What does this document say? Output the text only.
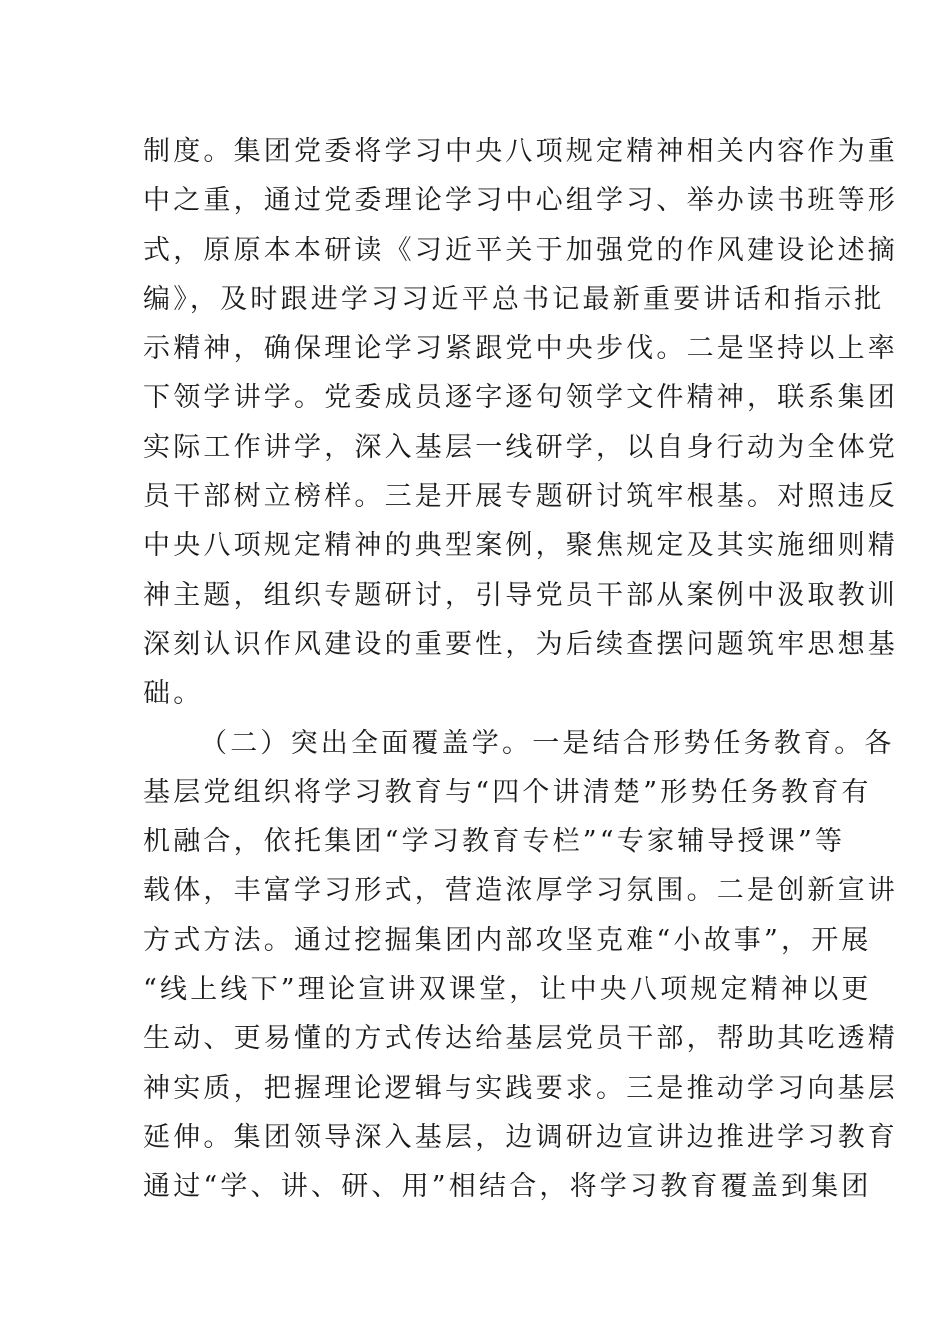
制度。集团党委将学习中央八项规定精神相关内容作为重
中之重，通过党委理论学习中心组学习、举办读书班等形
式，原原本本研读《习近平关于加强党的作风建设论述摘
编》，及时跟进学习习近平总书记最新重要讲话和指示批
示精神，确保理论学习紧跟党中央步伐。二是坚持以上率
下领学讲学。党委成员逐字逐句领学文件精神，联系集团
实际工作讲学，深入基层一线研学，以自身行动为全体党
员干部树立榜样。三是开展专题研讨筑牢根基。对照违反
中央八项规定精神的典型案例，聚焦规定及其实施细则精
神主题，组织专题研讨，引导党员干部从案例中汲取教训
深刻认识作风建设的重要性，为后续查摆问题筑牢思想基
础。
（二）突出全面覆盖学。一是结合形势任务教育。各
基层党组织将学习教育与“四个讲清楚”形势任务教育有
机融合，依托集团“学习教育专栏”“专家辅导授课”等
载体，丰富学习形式，营造浓厚学习氛围。二是创新宣讲
方式方法。通过挖掘集团内部攻坚克难“小故事”，开展
“线上线下”理论宣讲双课堂，让中央八项规定精神以更
生动、更易懂的方式传达给基层党员干部，帮助其吃透精
神实质，把握理论逻辑与实践要求。三是推动学习向基层
延伸。集团领导深入基层，边调研边宣讲边推进学习教育
通过“学、讲、研、用”相结合，将学习教育覆盖到集团
